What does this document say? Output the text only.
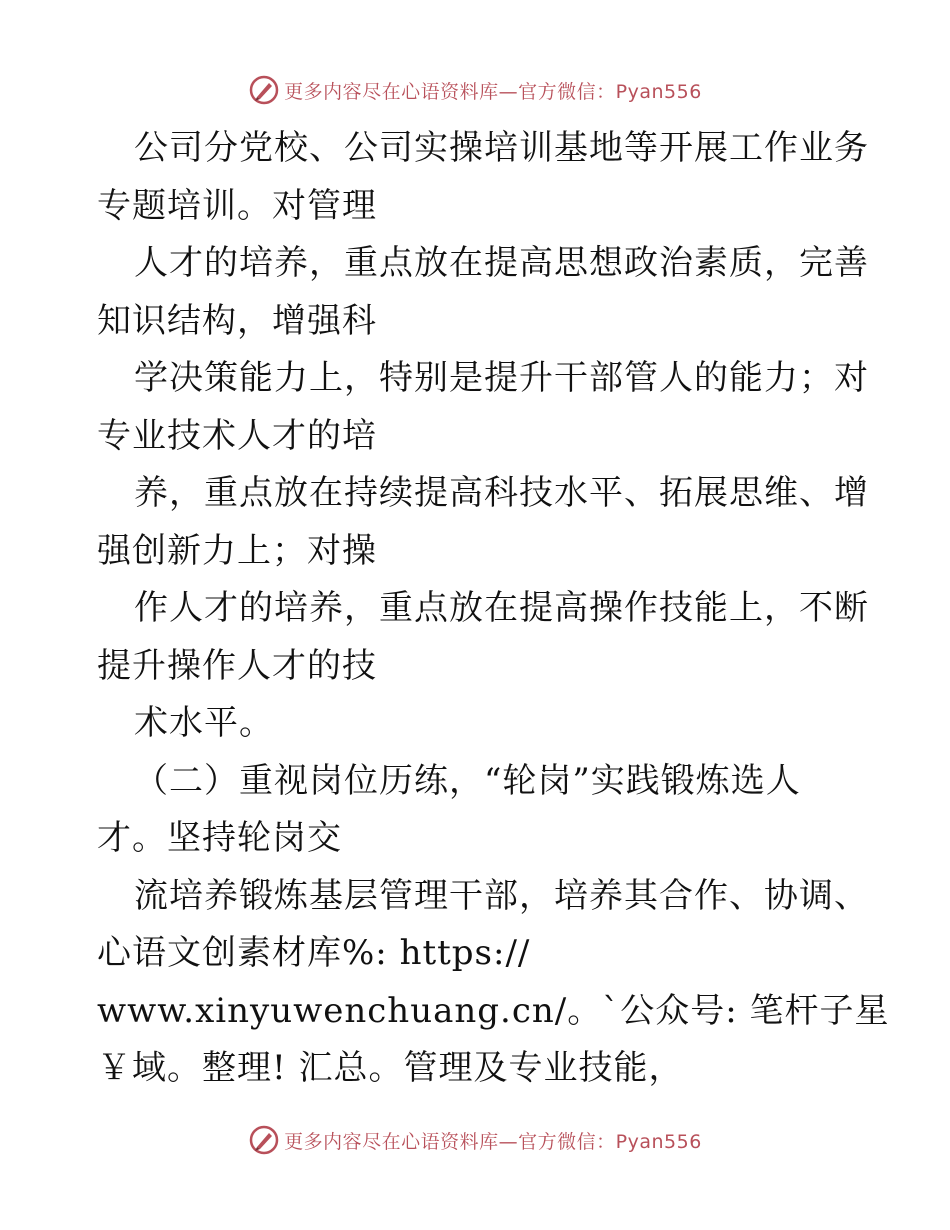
更多内容尽在心语资料库—官方微信：Pyan556
公 司 分 党 校 、 公 司 实 操 培 训 基 地 等 开 展 工 作 业 务
专题培训。对管理
人 才 的 培 养 ， 重 点 放 在 提 高 思 想 政 治 素 质 ， 完 善
知识结构，增强科
学 决 策 能 力 上 ， 特 别 是 提 升 干 部 管 人 的 能 力 ； 对
专业技术人才的培
养 ， 重 点 放 在 持 续 提 高 科 技 水 平 、 拓 展 思 维 、 增
强创新力上；对操
作 人 才 的 培 养 ， 重 点 放 在 提 高 操 作 技 能 上 ， 不 断
提升操作人才的技
术水平。
（二）重视岗位历练，“轮岗”实践锻炼选人
才。坚持轮岗交
流 培 养 锻 炼 基 层 管 理 干 部 ， 培 养 其 合 作 、 协 调 、
心语文创素材库%: https://
www.xinyuwenchuang.cn/。`公众号: 笔杆子星
￥域。整理! 汇总。管理及专业技能，
更多内容尽在心语资料库—官方微信：Pyan556
